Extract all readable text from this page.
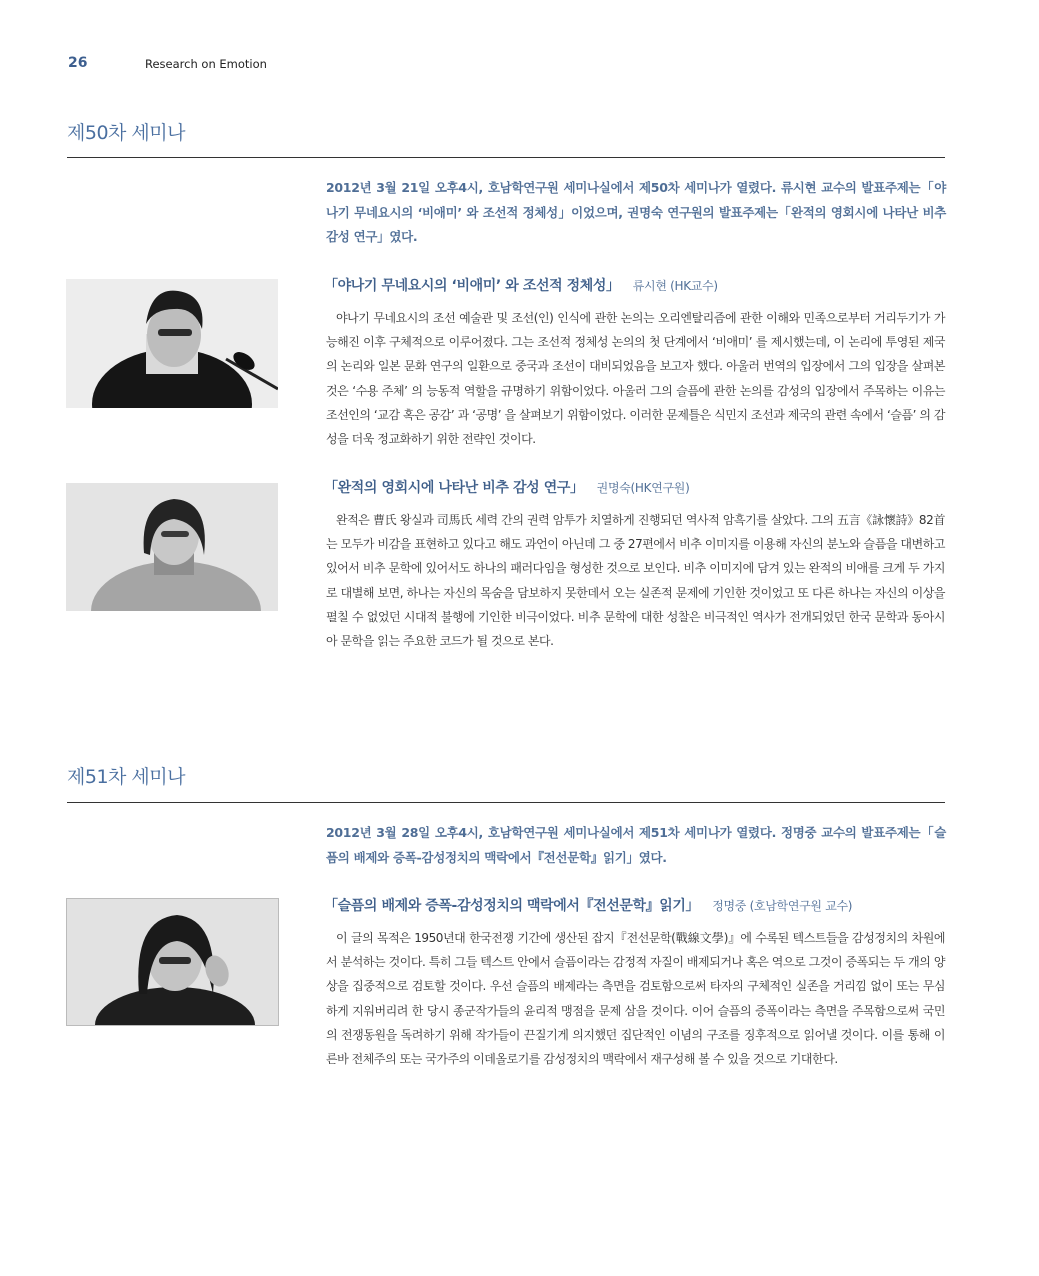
26	Research on Emotion
제50차 세미나

2012년 3월 21일 오후4시, 호남학연구원 세미나실에서 제50차 세미나가 열렸다. 류시현 교수의 발표주제는「야나기 무네요시의 ‘비애미’ 와 조선적 정체성」이었으며, 권명숙 연구원의 발표주제는「완적의 영회시에 나타난 비추 감성 연구」였다.

「야나기 무네요시의 ‘비애미’ 와 조선적 정체성」 류시현 (HK교수)

야나기 무네요시의 조선 예술관 및 조선(인) 인식에 관한 논의는 오리엔탈리즘에 관한 이해와 민족으로부터 거리두기가 가능해진 이후 구체적으로 이루어졌다. 그는 조선적 정체성 논의의 첫 단계에서 ‘비애미’ 를 제시했는데, 이 논리에 투영된 제국의 논리와 일본 문화 연구의 일환으로 중국과 조선이 대비되었음을 보고자 했다. 아울러 번역의 입장에서 그의 입장을 살펴본 것은 ‘수용 주체’ 의 능동적 역할을 규명하기 위함이었다. 아울러 그의 슬픔에 관한 논의를 감성의 입장에서 주목하는 이유는 조선인의 ‘교감 혹은 공감’ 과 ‘공명’ 을 살펴보기 위함이었다. 이러한 문제틀은 식민지 조선과 제국의 관련 속에서 ‘슬픔’ 의 감성을 더욱 정교화하기 위한 전략인 것이다.

「완적의 영회시에 나타난 비추 감성 연구」 권명숙(HK연구원)

완적은 曹氏 왕실과 司馬氏 세력 간의 권력 암투가 치열하게 진행되던 역사적 암흑기를 살았다. 그의 五言《詠懷詩》82首는 모두가 비감을 표현하고 있다고 해도 과언이 아닌데 그 중 27편에서 비추 이미지를 이용해 자신의 분노와 슬픔을 대변하고 있어서 비추 문학에 있어서도 하나의 패러다임을 형성한 것으로 보인다. 비추 이미지에 담겨 있는 완적의 비애를 크게 두 가지로 대별해 보면, 하나는 자신의 목숨을 담보하지 못한데서 오는 실존적 문제에 기인한 것이었고 또 다른 하나는 자신의 이상을 펼칠 수 없었던 시대적 불행에 기인한 비극이었다. 비추 문학에 대한 성찰은 비극적인 역사가 전개되었던 한국 문학과 동아시아 문학을 읽는 주요한 코드가 될 것으로 본다.

제51차 세미나

2012년 3월 28일 오후4시, 호남학연구원 세미나실에서 제51차 세미나가 열렸다. 정명중 교수의 발표주제는「슬픔의 배제와 증폭-감성정치의 맥락에서『전선문학』읽기」였다.

「슬픔의 배제와 증폭-감성정치의 맥락에서『전선문학』읽기」 정명중 (호남학연구원 교수)

이 글의 목적은 1950년대 한국전쟁 기간에 생산된 잡지『전선문학(戰線文學)』에 수록된 텍스트들을 감성정치의 차원에서 분석하는 것이다. 특히 그들 텍스트 안에서 슬픔이라는 감정적 자질이 배제되거나 혹은 역으로 그것이 증폭되는 두 개의 양상을 집중적으로 검토할 것이다. 우선 슬픔의 배제라는 측면을 검토함으로써 타자의 구체적인 실존을 거리낌 없이 또는 무심하게 지워버리려 한 당시 종군작가들의 윤리적 맹점을 문제 삼을 것이다. 이어 슬픔의 증폭이라는 측면을 주목함으로써 국민의 전쟁동원을 독려하기 위해 작가들이 끈질기게 의지했던 집단적인 이념의 구조를 징후적으로 읽어낼 것이다. 이를 통해 이른바 전체주의 또는 국가주의 이데올로기를 감성정치의 맥락에서 재구성해 볼 수 있을 것으로 기대한다.
